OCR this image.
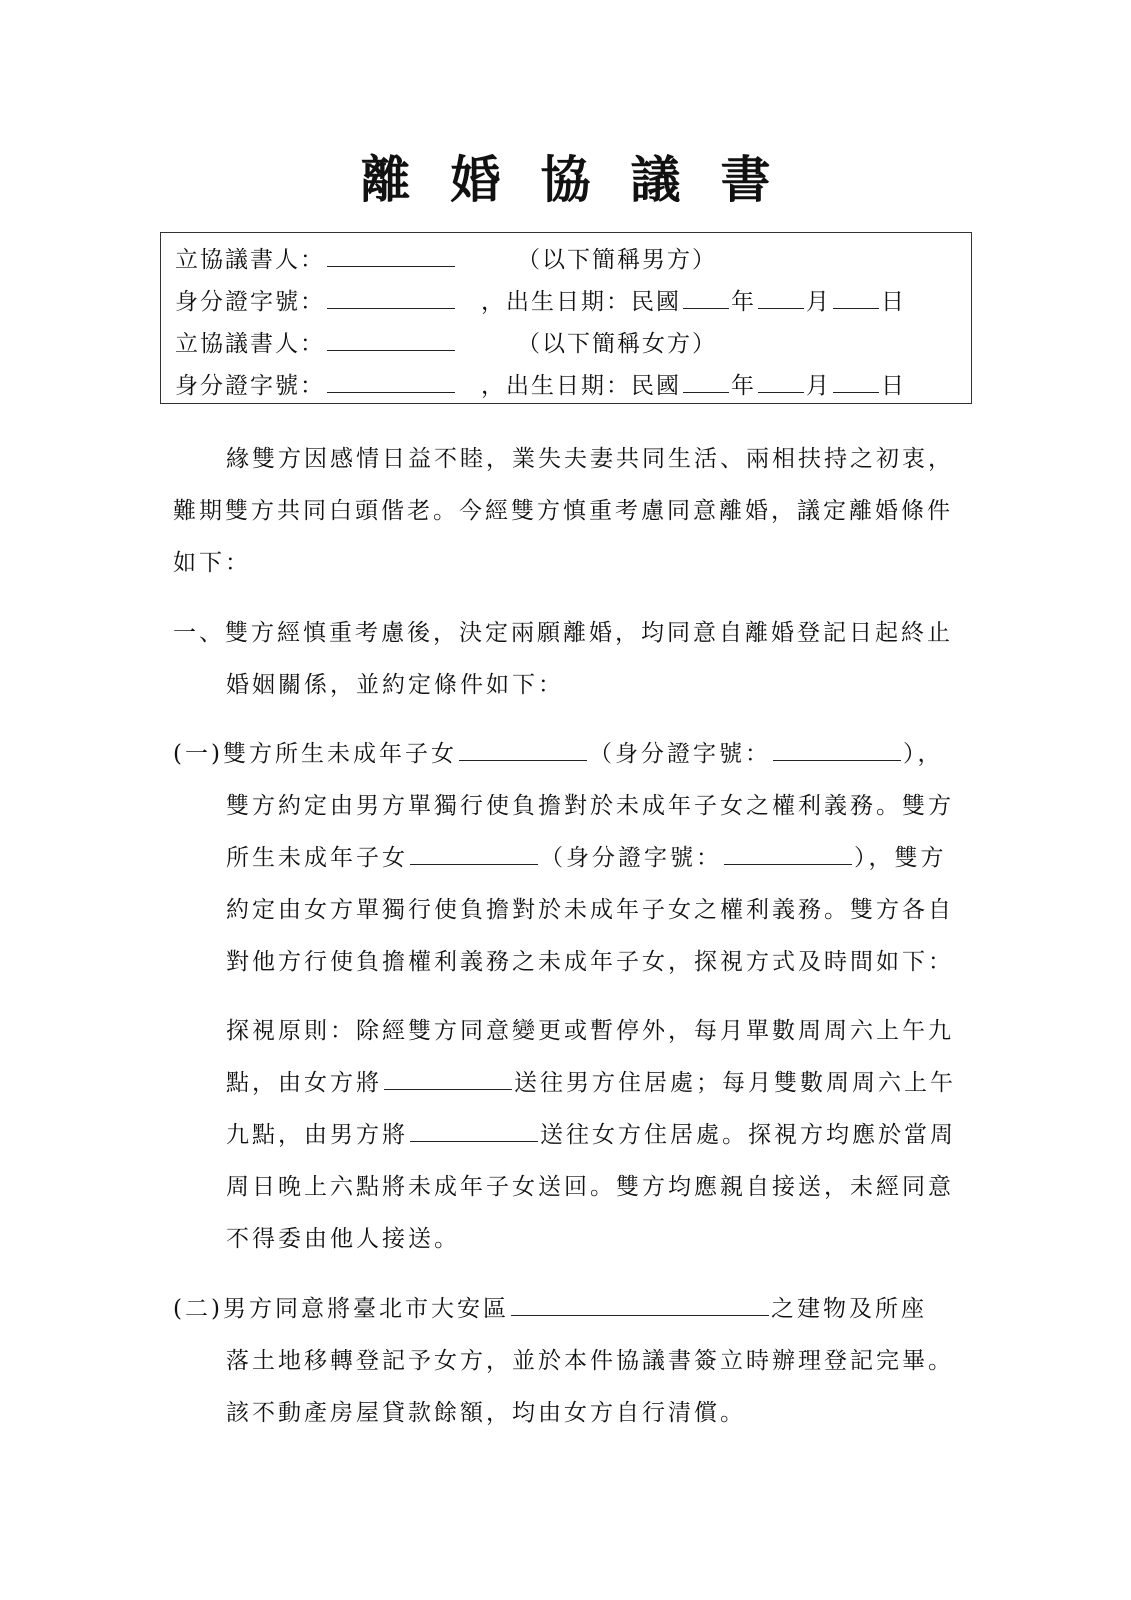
離婚協議書
立協議書人：	（以下簡稱男方）
身分證字號：	，出生日期：民國 年 月 日
立協議書人：	（以下簡稱女方）
身分證字號：	，出生日期：民國 年 月 日
緣雙方因感情日益不睦，業失夫妻共同生活、兩相扶持之初衷，
難期雙方共同白頭偕老。今經雙方慎重考慮同意離婚，議定離婚條件
如下：
一、雙方經慎重考慮後，決定兩願離婚，均同意自離婚登記日起終止
婚姻關係，並約定條件如下：
(一)雙方所生未成年子女	（身分證字號：	），
雙方約定由男方單獨行使負擔對於未成年子女之權利義務。雙方
所生未成年子女	（身分證字號：	），雙方
約定由女方單獨行使負擔對於未成年子女之權利義務。雙方各自
對他方行使負擔權利義務之未成年子女，探視方式及時間如下：
探視原則：除經雙方同意變更或暫停外，每月單數周周六上午九
點，由女方將	送往男方住居處；每月雙數周周六上午
九點，由男方將	送往女方住居處。探視方均應於當周
周日晚上六點將未成年子女送回。雙方均應親自接送，未經同意
不得委由他人接送。
(二)男方同意將臺北市大安區	之建物及所座
落土地移轉登記予女方，並於本件協議書簽立時辦理登記完畢。
該不動產房屋貸款餘額，均由女方自行清償。
